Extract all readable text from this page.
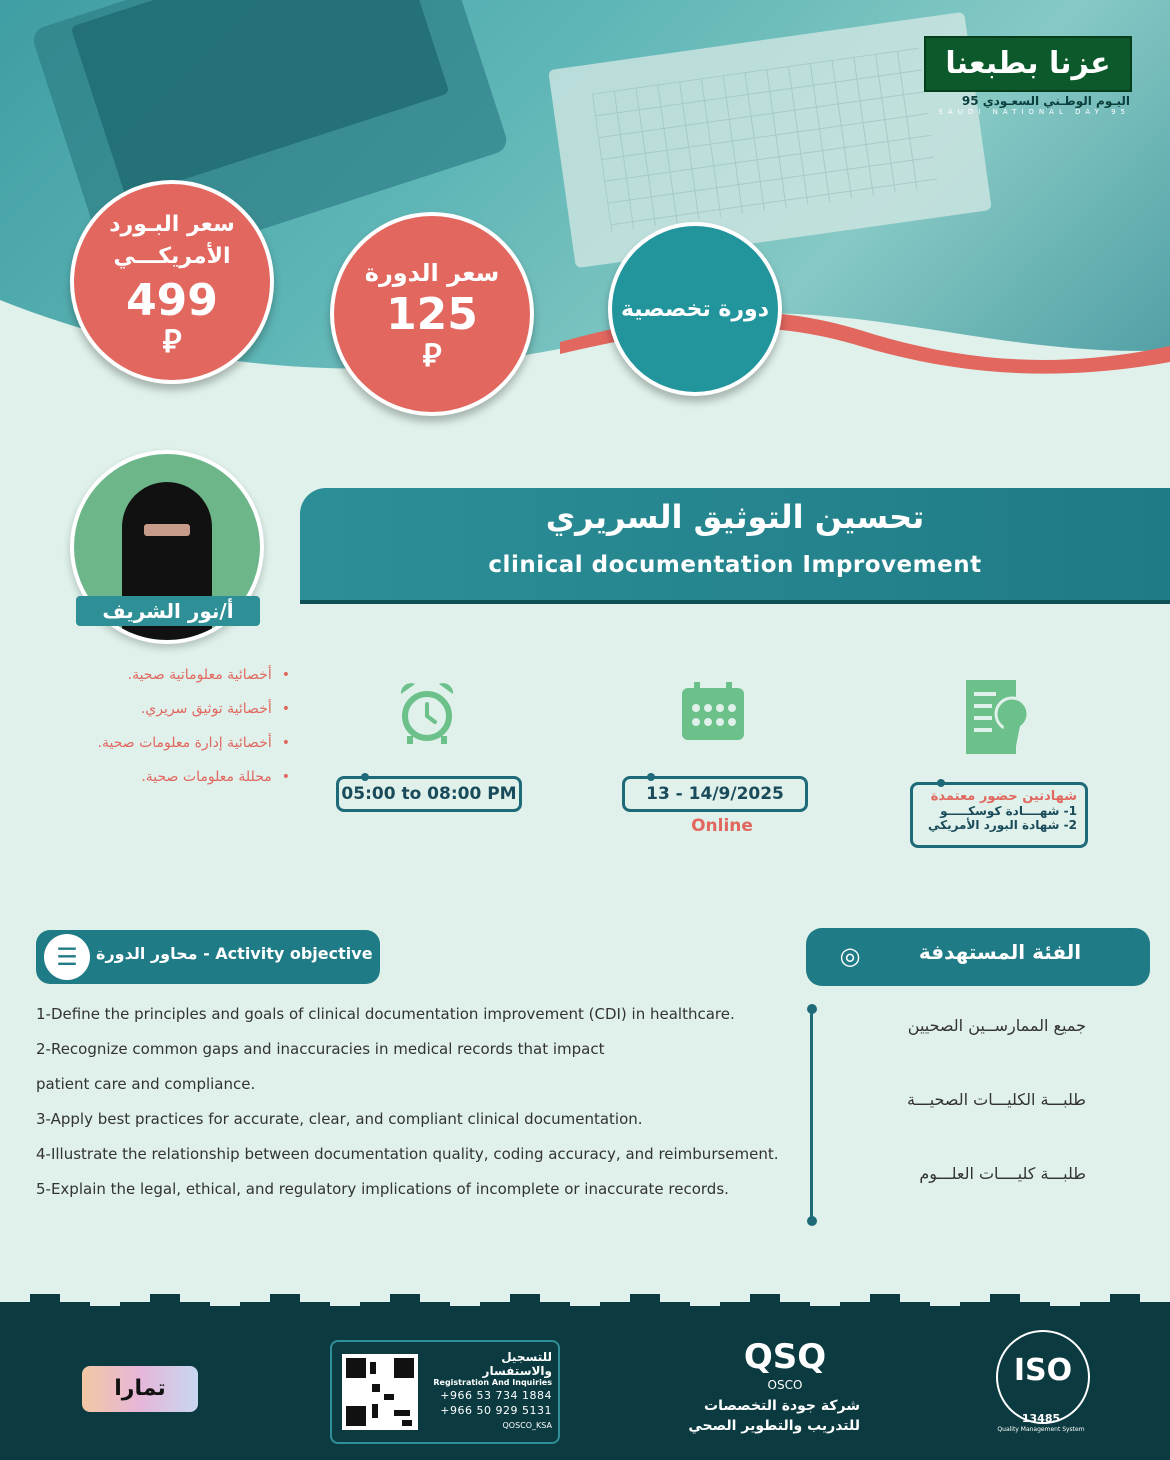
عزنا بطبعنا
اليـوم الوطـني السعـودي 95
SAUDI NATIONAL DAY 95
سعر البـورد
الأمريكـــي
499
⃁
سعر الدورة
125
⃁
دورة تخصصية
أ/نور الشريف
تحسين التوثيق السريري
clinical documentation Improvement
• أخصائية معلوماتية صحية.
• أخصائية توثيق سريري.
• أخصائية إدارة معلومات صحية.
• محللة معلومات صحية.
05:00 to 08:00 PM	13 - 14/9/2025
Online
شهادتين حضور معتمدة
1- شهــــادة كوسكـــــو
2- شهادة البورد الأمريكي
☰	محاور الدورة - Activity objective
1-Define the principles and goals of clinical documentation improvement (CDI) in healthcare.
2-Recognize common gaps and inaccuracies in medical records that impact
patient care and compliance.
3-Apply best practices for accurate, clear, and compliant clinical documentation.
4-Illustrate the relationship between documentation quality, coding accuracy, and reimbursement.
5-Explain the legal, ethical, and regulatory implications of incomplete or inaccurate records.
◎	الفئة المستهدفة
جميع الممارســين الصحيين
طلبـــة الكليـــات الصحيـــة
طلبـــة كليــــات العلـــوم
تمارا
للتسجيل والاستفسار
Registration And Inquiries
+966 53 734 1884
+966 50 929 5131
QOSCO_KSA
QSQ
OSCO
شركة جودة التخصصات
للتدريب والتطوير الصحي
ISO
13485
Quality Management System
